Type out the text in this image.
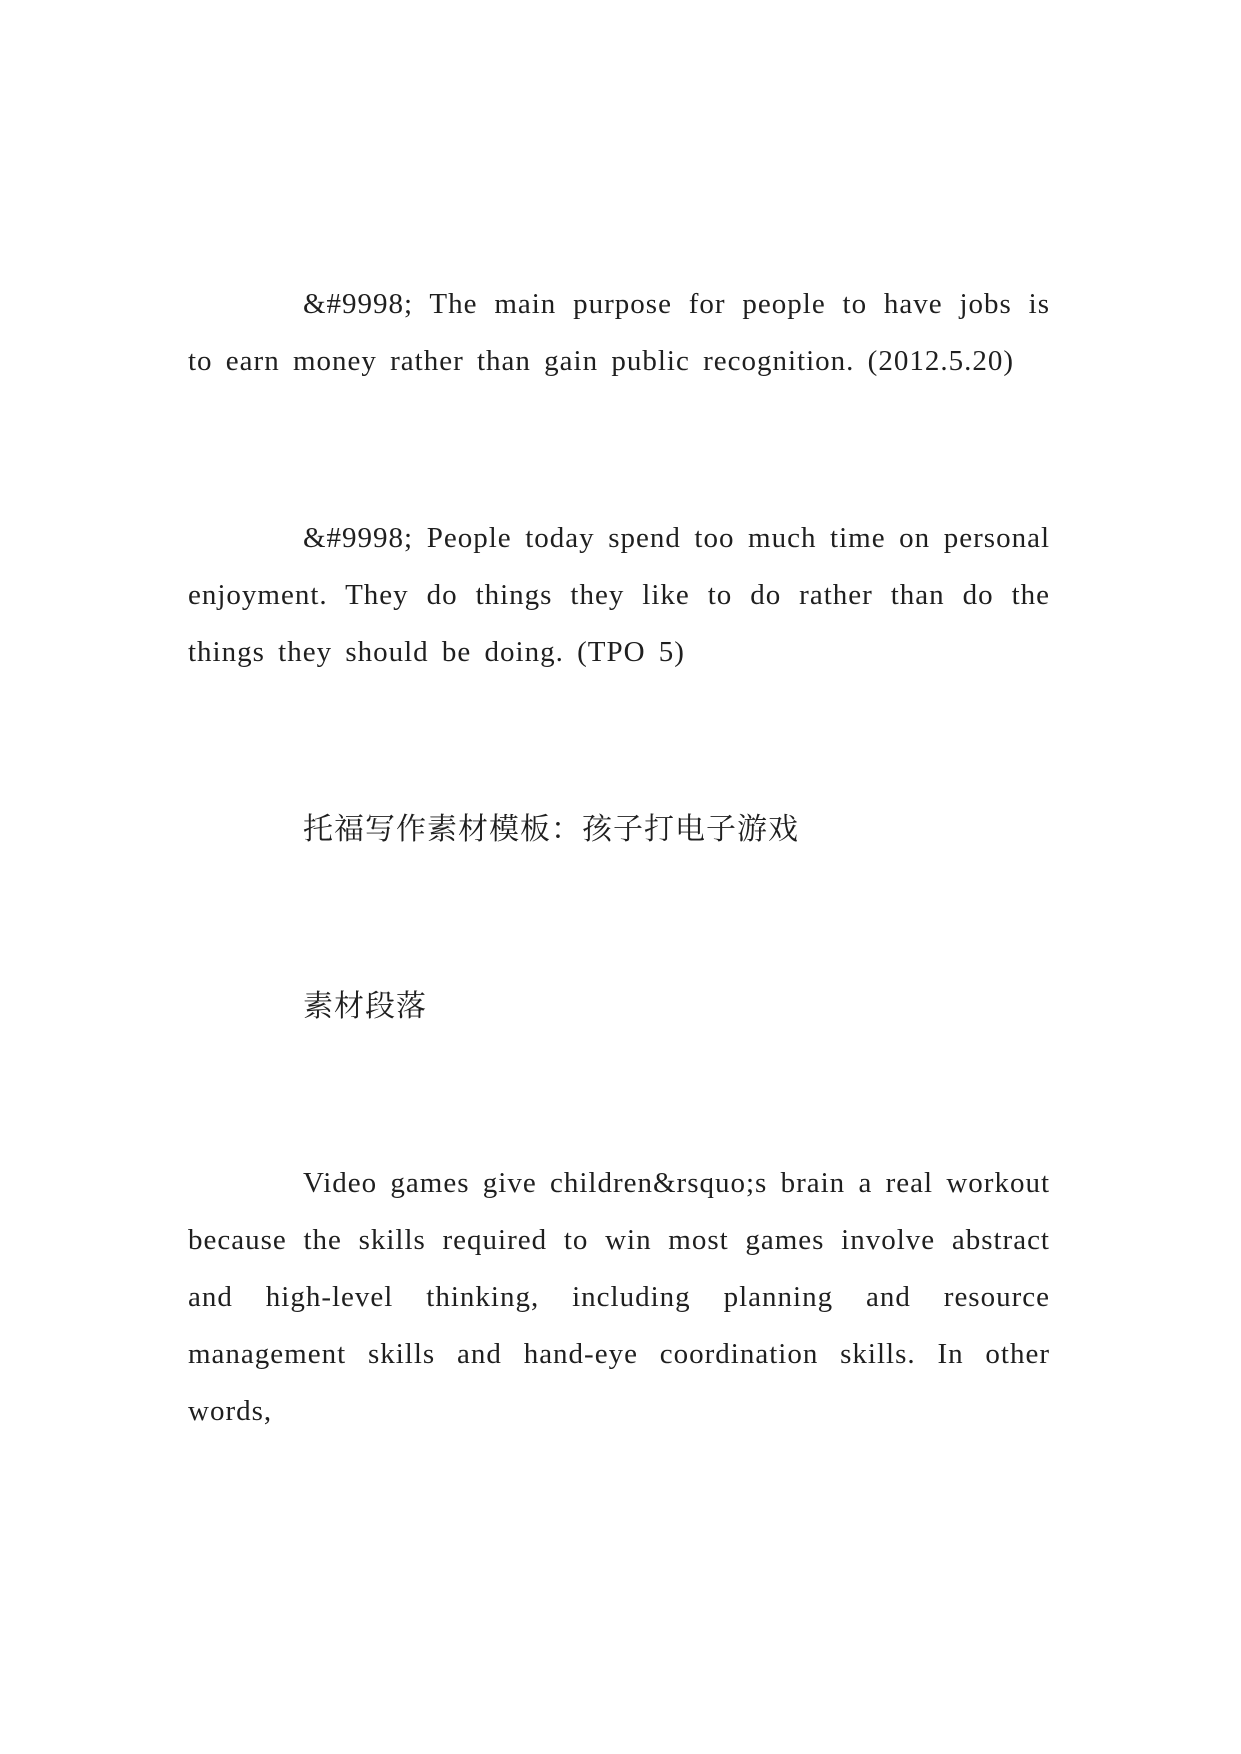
&#9998; The main purpose for people to have jobs is to earn money rather than gain public recognition. (2012.5.20)

&#9998; People today spend too much time on personal enjoyment. They do things they like to do rather than do the things they should be doing. (TPO 5)

托福写作素材模板：孩子打电子游戏

素材段落

Video games give children&rsquo;s brain a real workout because the skills required to win most games involve abstract and high-level thinking, including planning and resource management skills and hand-eye coordination skills. In other words,
